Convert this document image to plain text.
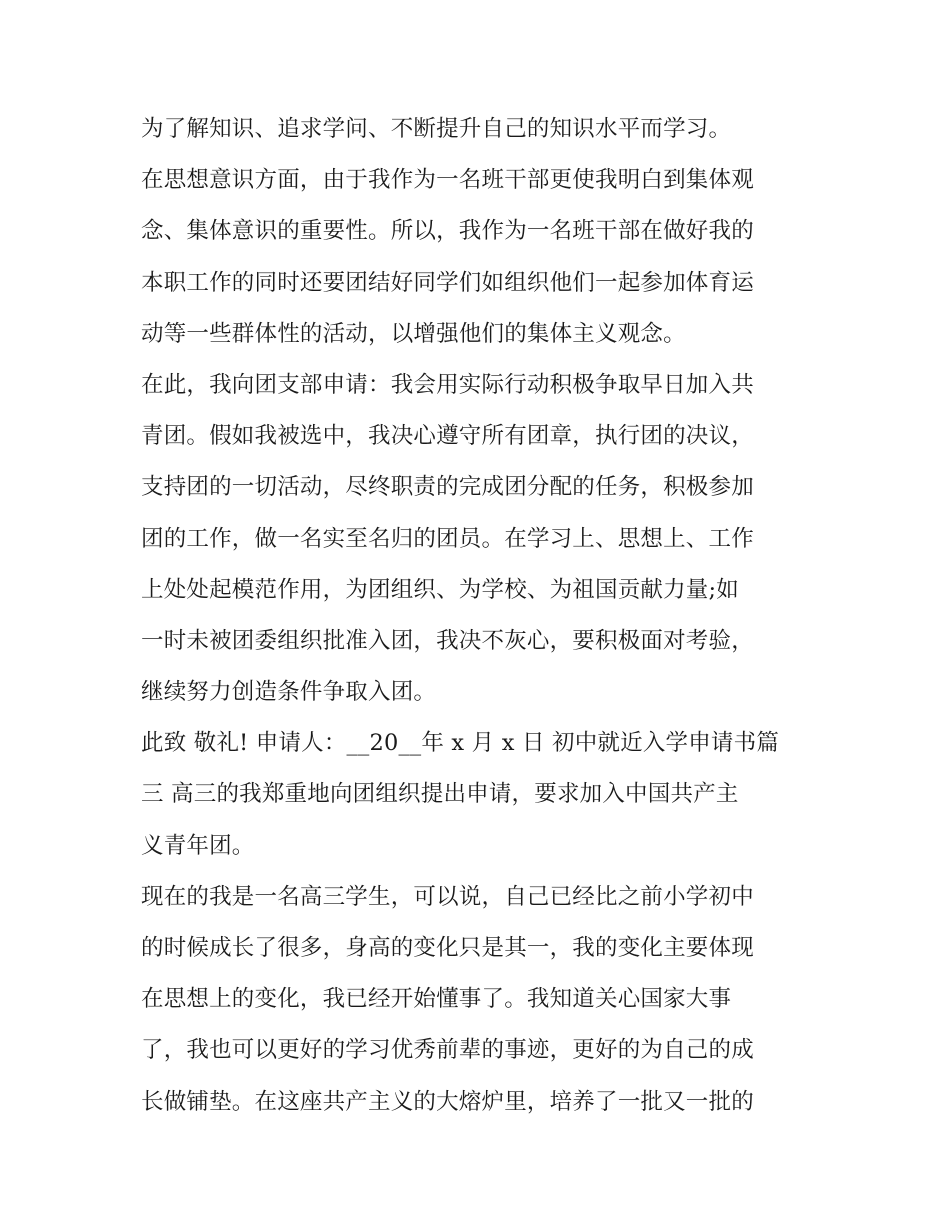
为了解知识、追求学问、不断提升自己的知识水平而学习。
在思想意识方面，由于我作为一名班干部更使我明白到集体观
念、集体意识的重要性。所以，我作为一名班干部在做好我的
本职工作的同时还要团结好同学们如组织他们一起参加体育运
动等一些群体性的活动，以增强他们的集体主义观念。
在此，我向团支部申请：我会用实际行动积极争取早日加入共
青团。假如我被选中，我决心遵守所有团章，执行团的决议，
支持团的一切活动，尽终职责的完成团分配的任务，积极参加
团的工作，做一名实至名归的团员。在学习上、思想上、工作
上处处起模范作用，为团组织、为学校、为祖国贡献力量;如
一时未被团委组织批准入团，我决不灰心，要积极面对考验，
继续努力创造条件争取入团。
此致 敬礼! 申请人：__20__年 x 月 x 日 初中就近入学申请书篇
三 高三的我郑重地向团组织提出申请，要求加入中国共产主
义青年团。
现在的我是一名高三学生，可以说，自己已经比之前小学初中
的时候成长了很多，身高的变化只是其一，我的变化主要体现
在思想上的变化，我已经开始懂事了。我知道关心国家大事
了，我也可以更好的学习优秀前辈的事迹，更好的为自己的成
长做铺垫。在这座共产主义的大熔炉里，培养了一批又一批的
